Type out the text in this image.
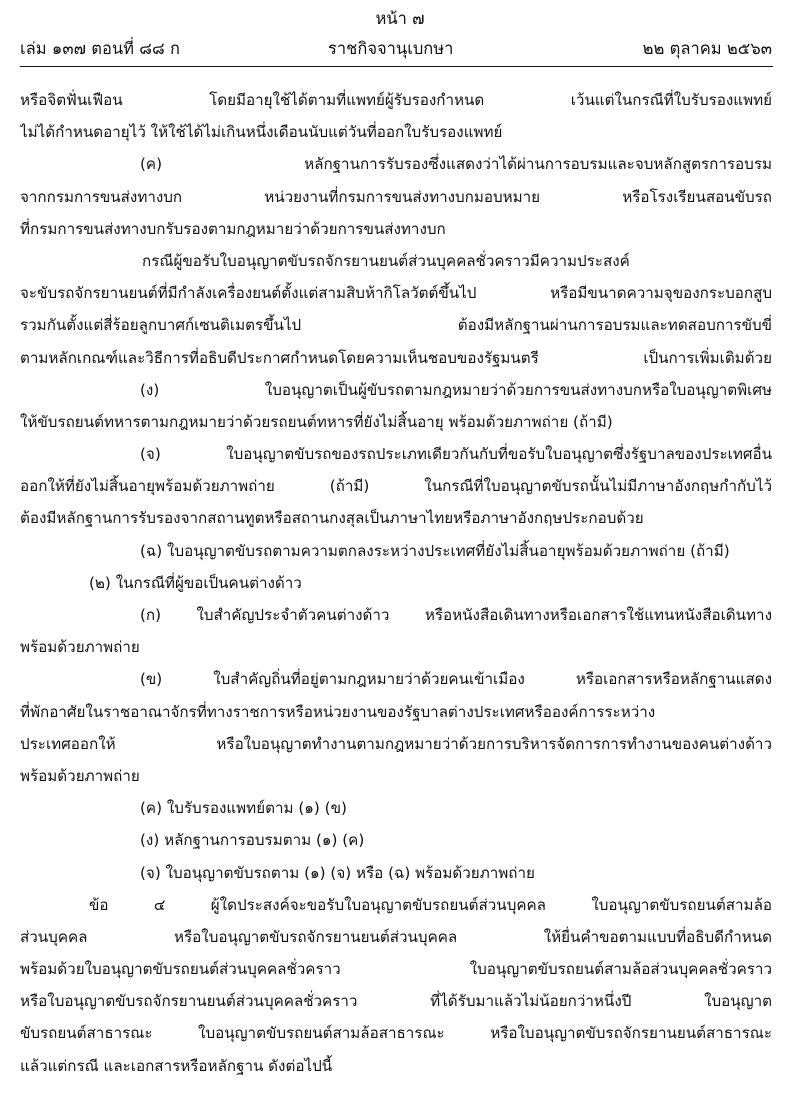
หน้า ๗
เล่ม ๑๓๗ ตอนที่ ๘๘ ก	ราชกิจจานุเบกษา	๒๒ ตุลาคม ๒๕๖๓
หรือจิตฟั่นเฟือน โดยมีอายุใช้ได้ตามที่แพทย์ผู้รับรองกำหนด เว้นแต่ในกรณีที่ใบรับรองแพทย์
ไม่ได้กำหนดอายุไว้ ให้ใช้ได้ไม่เกินหนึ่งเดือนนับแต่วันที่ออกใบรับรองแพทย์
(ค) หลักฐานการรับรองซึ่งแสดงว่าได้ผ่านการอบรมและจบหลักสูตรการอบรม
จากกรมการขนส่งทางบก หน่วยงานที่กรมการขนส่งทางบกมอบหมาย หรือโรงเรียนสอนขับรถ
ที่กรมการขนส่งทางบกรับรองตามกฎหมายว่าด้วยการขนส่งทางบก
กรณีผู้ขอรับใบอนุญาตขับรถจักรยานยนต์ส่วนบุคคลชั่วคราวมีความประสงค์
จะขับรถจักรยานยนต์ที่มีกำลังเครื่องยนต์ตั้งแต่สามสิบห้ากิโลวัตต์ขึ้นไป หรือมีขนาดความจุของกระบอกสูบ
รวมกันตั้งแต่สี่ร้อยลูกบาศก์เซนติเมตรขึ้นไป ต้องมีหลักฐานผ่านการอบรมและทดสอบการขับขี่
ตามหลักเกณฑ์และวิธีการที่อธิบดีประกาศกำหนดโดยความเห็นชอบของรัฐมนตรี เป็นการเพิ่มเติมด้วย
(ง) ใบอนุญาตเป็นผู้ขับรถตามกฎหมายว่าด้วยการขนส่งทางบกหรือใบอนุญาตพิเศษ
ให้ขับรถยนต์ทหารตามกฎหมายว่าด้วยรถยนต์ทหารที่ยังไม่สิ้นอายุ พร้อมด้วยภาพถ่าย (ถ้ามี)
(จ) ใบอนุญาตขับรถของรถประเภทเดียวกันกับที่ขอรับใบอนุญาตซึ่งรัฐบาลของประเทศอื่น
ออกให้ที่ยังไม่สิ้นอายุพร้อมด้วยภาพถ่าย (ถ้ามี) ในกรณีที่ใบอนุญาตขับรถนั้นไม่มีภาษาอังกฤษกำกับไว้
ต้องมีหลักฐานการรับรองจากสถานทูตหรือสถานกงสุลเป็นภาษาไทยหรือภาษาอังกฤษประกอบด้วย
(ฉ) ใบอนุญาตขับรถตามความตกลงระหว่างประเทศที่ยังไม่สิ้นอายุพร้อมด้วยภาพถ่าย (ถ้ามี)
(๒) ในกรณีที่ผู้ขอเป็นคนต่างด้าว
(ก) ใบสำคัญประจำตัวคนต่างด้าว หรือหนังสือเดินทางหรือเอกสารใช้แทนหนังสือเดินทาง
พร้อมด้วยภาพถ่าย
(ข) ใบสำคัญถิ่นที่อยู่ตามกฎหมายว่าด้วยคนเข้าเมือง หรือเอกสารหรือหลักฐานแสดง
ที่พักอาศัยในราชอาณาจักรที่ทางราชการหรือหน่วยงานของรัฐบาลต่างประเทศหรือองค์การระหว่าง
ประเทศออกให้ หรือใบอนุญาตทำงานตามกฎหมายว่าด้วยการบริหารจัดการการทำงานของคนต่างด้าว
พร้อมด้วยภาพถ่าย
(ค) ใบรับรองแพทย์ตาม (๑) (ข)
(ง) หลักฐานการอบรมตาม (๑) (ค)
(จ) ใบอนุญาตขับรถตาม (๑) (จ) หรือ (ฉ) พร้อมด้วยภาพถ่าย
ข้อ ๔ ผู้ใดประสงค์จะขอรับใบอนุญาตขับรถยนต์ส่วนบุคคล ใบอนุญาตขับรถยนต์สามล้อ
ส่วนบุคคล หรือใบอนุญาตขับรถจักรยานยนต์ส่วนบุคคล ให้ยื่นคำขอตามแบบที่อธิบดีกำหนด
พร้อมด้วยใบอนุญาตขับรถยนต์ส่วนบุคคลชั่วคราว ใบอนุญาตขับรถยนต์สามล้อส่วนบุคคลชั่วคราว
หรือใบอนุญาตขับรถจักรยานยนต์ส่วนบุคคลชั่วคราว ที่ได้รับมาแล้วไม่น้อยกว่าหนึ่งปี ใบอนุญาต
ขับรถยนต์สาธารณะ ใบอนุญาตขับรถยนต์สามล้อสาธารณะ หรือใบอนุญาตขับรถจักรยานยนต์สาธารณะ
แล้วแต่กรณี และเอกสารหรือหลักฐาน ดังต่อไปนี้
